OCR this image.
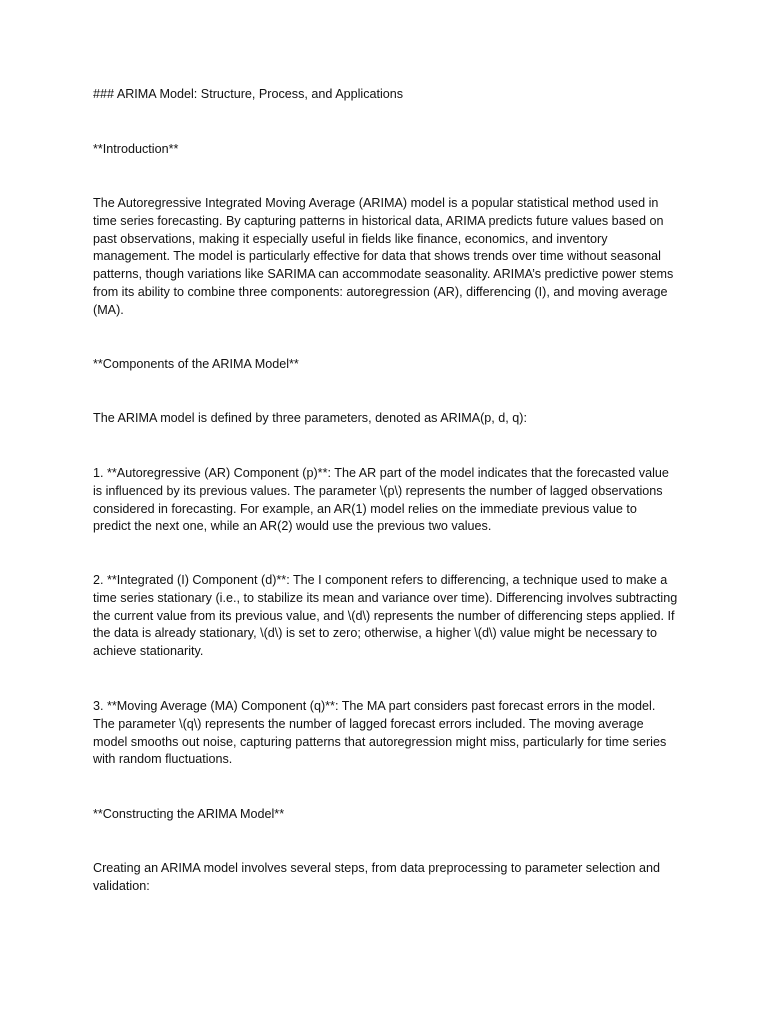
### ARIMA Model: Structure, Process, and Applications

**Introduction**

The Autoregressive Integrated Moving Average (ARIMA) model is a popular statistical method used in time series forecasting. By capturing patterns in historical data, ARIMA predicts future values based on past observations, making it especially useful in fields like finance, economics, and inventory management. The model is particularly effective for data that shows trends over time without seasonal patterns, though variations like SARIMA can accommodate seasonality. ARIMA’s predictive power stems from its ability to combine three components: autoregression (AR), differencing (I), and moving average (MA).

**Components of the ARIMA Model**

The ARIMA model is defined by three parameters, denoted as ARIMA(p, d, q):

1. **Autoregressive (AR) Component (p)**: The AR part of the model indicates that the forecasted value is influenced by its previous values. The parameter \(p\) represents the number of lagged observations considered in forecasting. For example, an AR(1) model relies on the immediate previous value to predict the next one, while an AR(2) would use the previous two values.

2. **Integrated (I) Component (d)**: The I component refers to differencing, a technique used to make a time series stationary (i.e., to stabilize its mean and variance over time). Differencing involves subtracting the current value from its previous value, and \(d\) represents the number of differencing steps applied. If the data is already stationary, \(d\) is set to zero; otherwise, a higher \(d\) value might be necessary to achieve stationarity.

3. **Moving Average (MA) Component (q)**: The MA part considers past forecast errors in the model. The parameter \(q\) represents the number of lagged forecast errors included. The moving average model smooths out noise, capturing patterns that autoregression might miss, particularly for time series with random fluctuations.

**Constructing the ARIMA Model**

Creating an ARIMA model involves several steps, from data preprocessing to parameter selection and validation:
